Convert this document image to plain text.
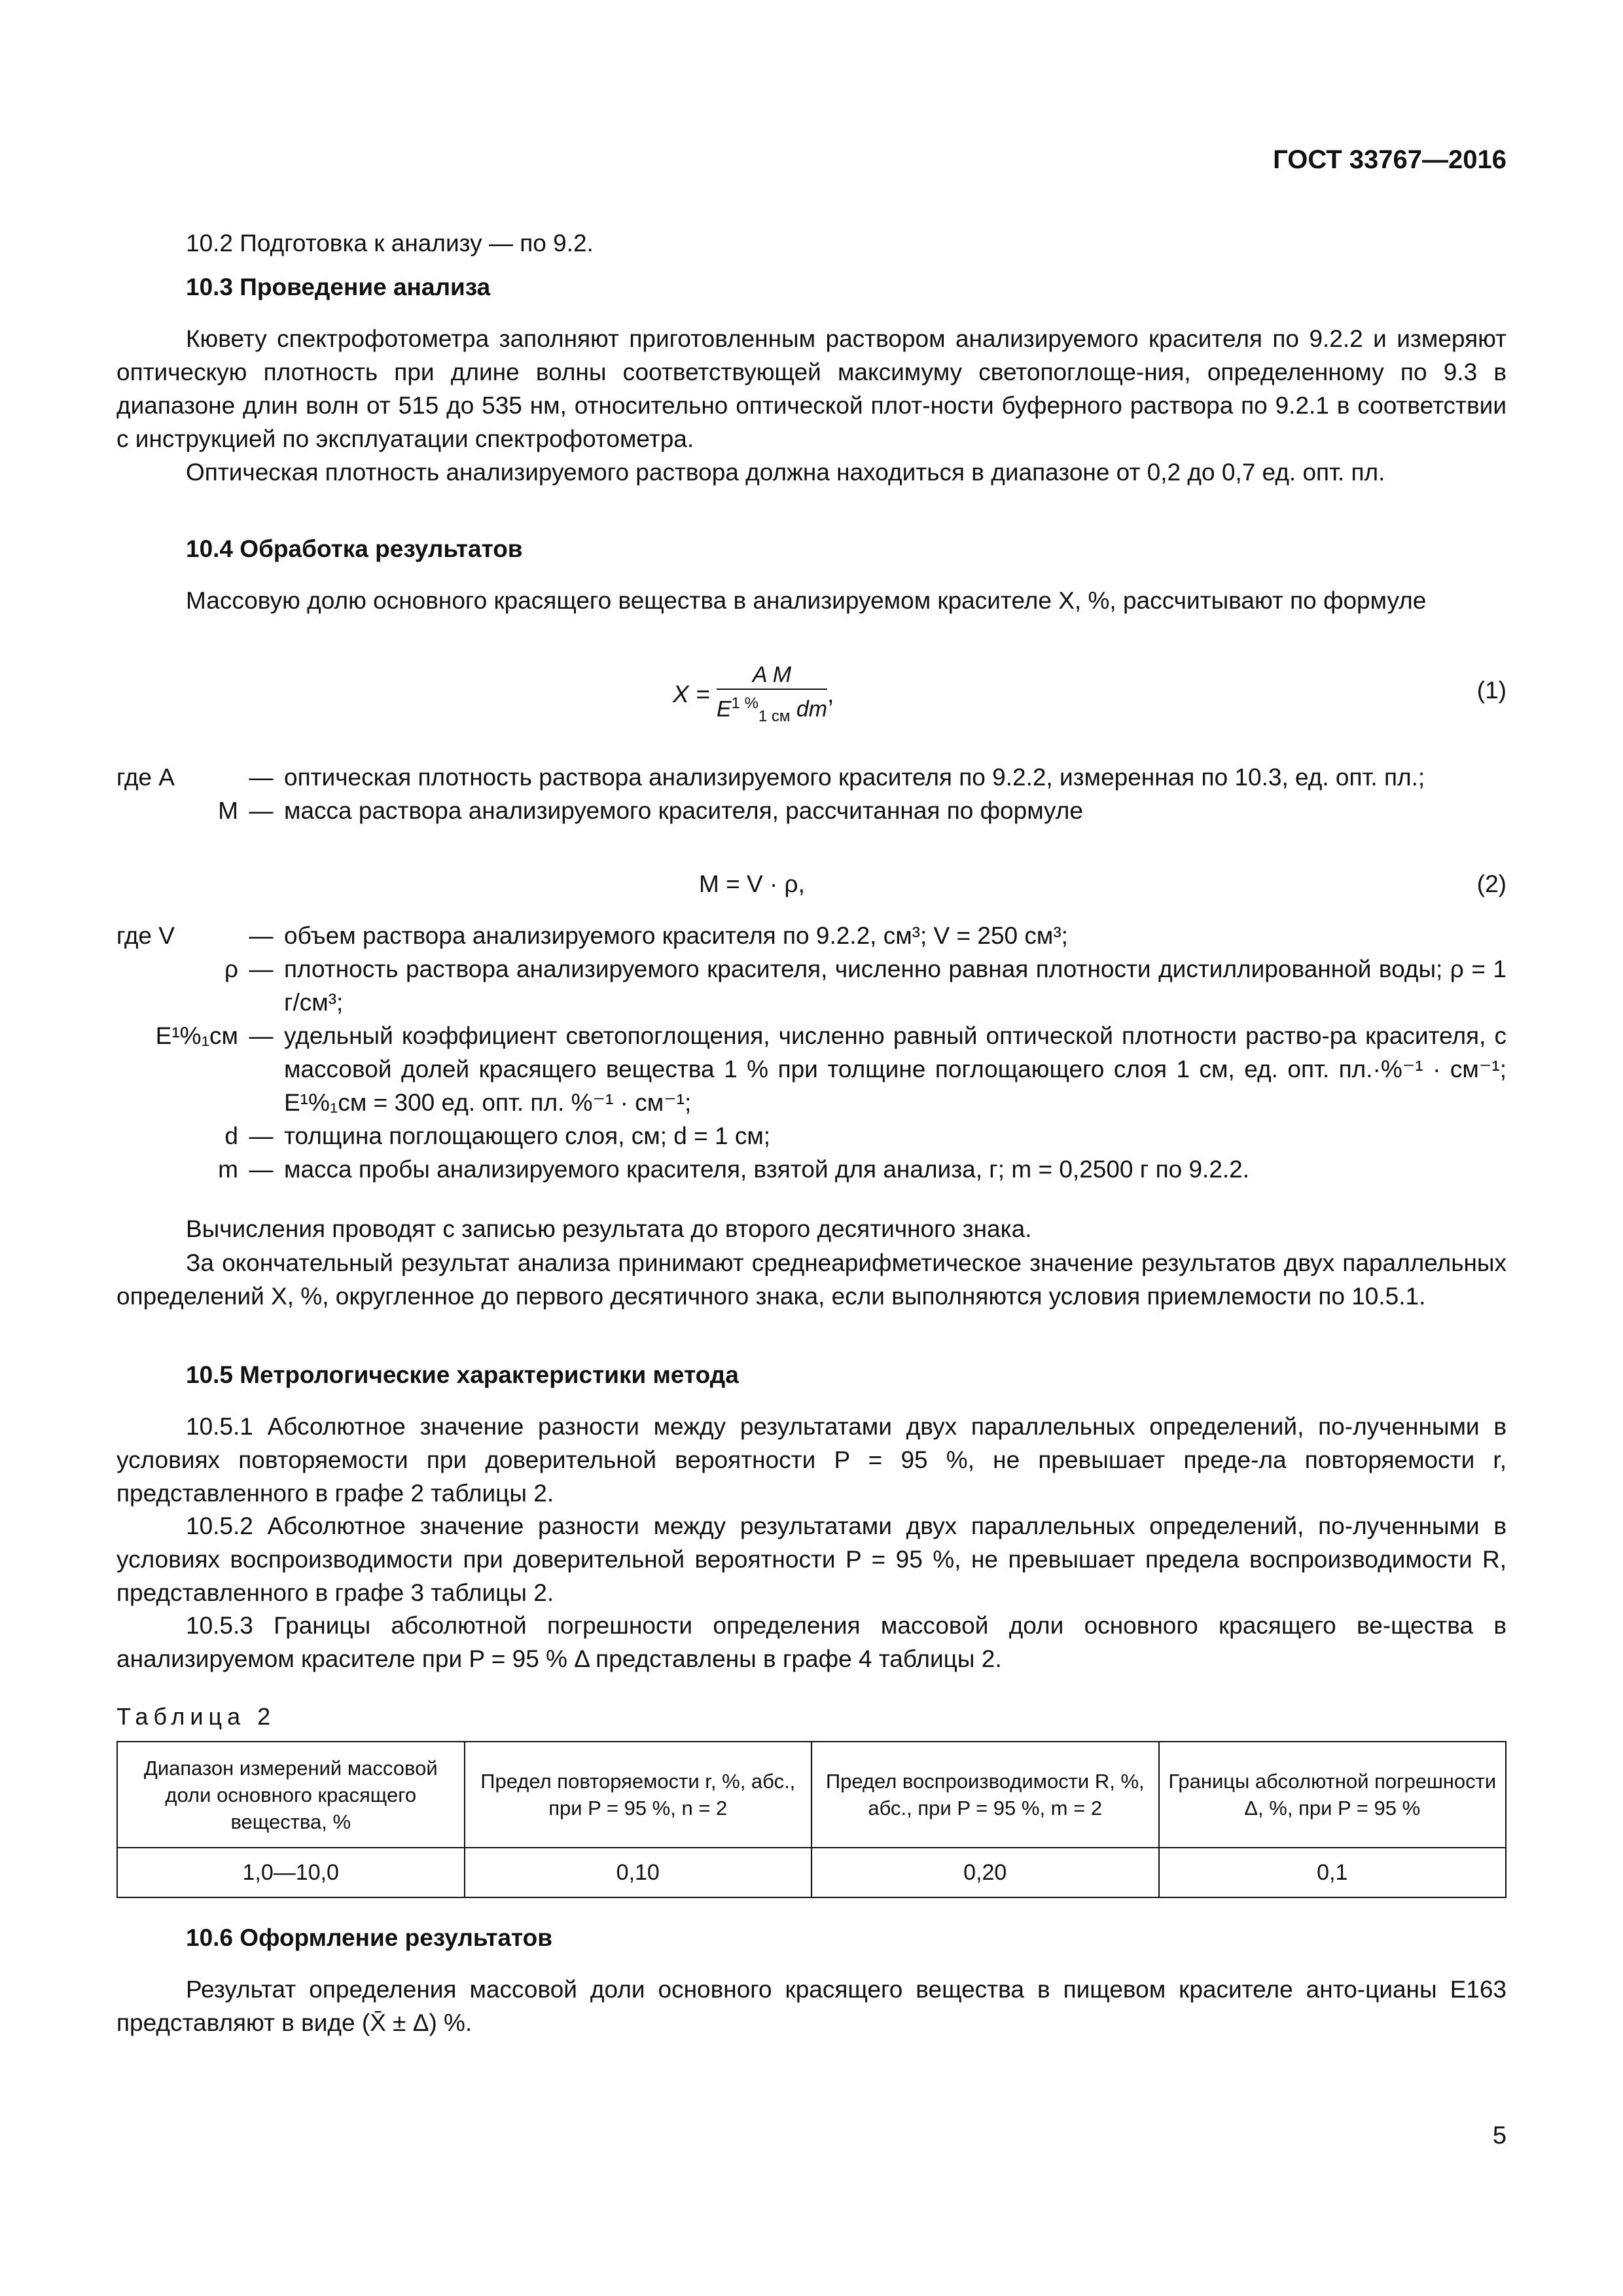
ГОСТ 33767—2016
10.2 Подготовка к анализу — по 9.2.
10.3 Проведение анализа
Кювету спектрофотометра заполняют приготовленным раствором анализируемого красителя по 9.2.2 и измеряют оптическую плотность при длине волны соответствующей максимуму светопоглоще-ния, определенному по 9.3 в диапазоне длин волн от 515 до 535 нм, относительно оптической плот-ности буферного раствора по 9.2.1 в соответствии с инструкцией по эксплуатации спектрофотометра.
Оптическая плотность анализируемого раствора должна находиться в диапазоне от 0,2 до 0,7 ед. опт. пл.
10.4 Обработка результатов
Массовую долю основного красящего вещества в анализируемом красителе X, %, рассчитывают по формуле
$X = \frac{\text{A M}}{E^{1 \%}_{1 см} dm}$ ,	(1)
где A	— оптическая плотность раствора анализируемого красителя по 9.2.2, измеренная по 10.3, ед. опт. пл.;
M — масса раствора анализируемого красителя, рассчитанная по формуле
M = V · ρ,	(2)
где V	— объем раствора анализируемого красителя по 9.2.2, см³; V = 250 см³;
ρ — плотность раствора анализируемого красителя, численно равная плотности дистиллированной воды; ρ = 1 г/см³;
E¹%₁см — удельный коэффициент светопоглощения, численно равный оптической плотности раство-ра красителя, с массовой долей красящего вещества 1 % при толщине поглощающего слоя 1 см, ед. опт. пл.·%⁻¹ · см⁻¹; E¹%₁см = 300 ед. опт. пл. %⁻¹ · см⁻¹;
d — толщина поглощающего слоя, см; d = 1 см;
m — масса пробы анализируемого красителя, взятой для анализа, г; m = 0,2500 г по 9.2.2.
Вычисления проводят с записью результата до второго десятичного знака.
За окончательный результат анализа принимают среднеарифметическое значение результатов двух параллельных определений X, %, округленное до первого десятичного знака, если выполняются условия приемлемости по 10.5.1.
10.5 Метрологические характеристики метода
10.5.1 Абсолютное значение разности между результатами двух параллельных определений, по-лученными в условиях повторяемости при доверительной вероятности P = 95 %, не превышает преде-ла повторяемости r, представленного в графе 2 таблицы 2.
10.5.2 Абсолютное значение разности между результатами двух параллельных определений, по-лученными в условиях воспроизводимости при доверительной вероятности P = 95 %, не превышает предела воспроизводимости R, представленного в графе 3 таблицы 2.
10.5.3 Границы абсолютной погрешности определения массовой доли основного красящего ве-щества в анализируемом красителе при P = 95 % Δ представлены в графе 4 таблицы 2.
Таблица 2
Диапазон измерений массовой доли основного красящего вещества, %	Предел повторяемости r, %, абс., при P = 95 %, n = 2	Предел воспроизводимости R, %, абс., при P = 95 %, m = 2	Границы абсолютной погрешности Δ, %, при P = 95 %
1,0—10,0	0,10	0,20	0,1
10.6 Оформление результатов
Результат определения массовой доли основного красящего вещества в пищевом красителе анто-цианы Е163 представляют в виде (X̄ ± Δ) %.
5
